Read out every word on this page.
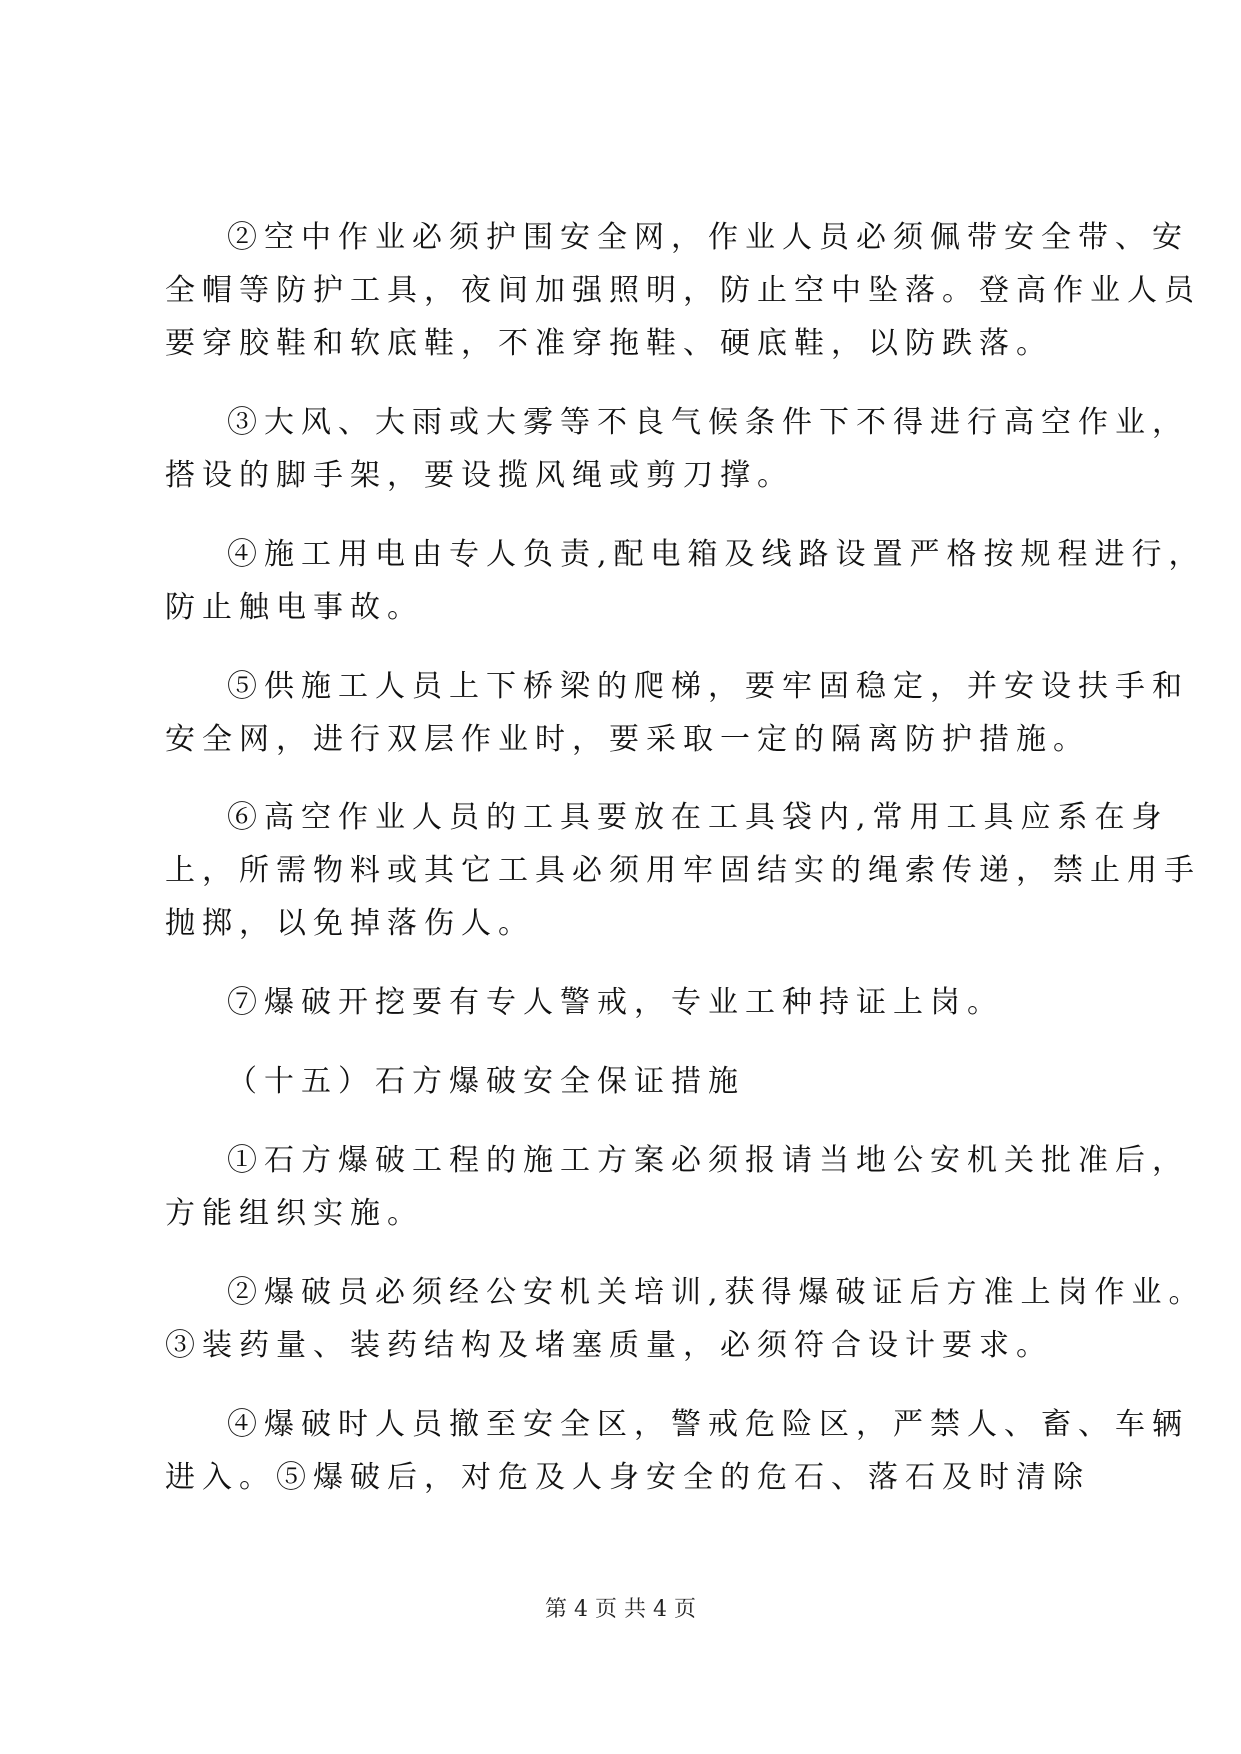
②空中作业必须护围安全网，作业人员必须佩带安全带、安
全帽等防护工具，夜间加强照明，防止空中坠落。登高作业人员
要穿胶鞋和软底鞋，不准穿拖鞋、硬底鞋，以防跌落。
③大风、大雨或大雾等不良气候条件下不得进行高空作业，
搭设的脚手架，要设揽风绳或剪刀撑。
④施工用电由专人负责,配电箱及线路设置严格按规程进行，
防止触电事故。
⑤供施工人员上下桥梁的爬梯，要牢固稳定，并安设扶手和
安全网，进行双层作业时，要采取一定的隔离防护措施。
⑥高空作业人员的工具要放在工具袋内,常用工具应系在身
上，所需物料或其它工具必须用牢固结实的绳索传递，禁止用手
抛掷，以免掉落伤人。
⑦爆破开挖要有专人警戒，专业工种持证上岗。
（十五）石方爆破安全保证措施
①石方爆破工程的施工方案必须报请当地公安机关批准后，
方能组织实施。
②爆破员必须经公安机关培训,获得爆破证后方准上岗作业。
③装药量、装药结构及堵塞质量，必须符合设计要求。
④爆破时人员撤至安全区，警戒危险区，严禁人、畜、车辆
进入。⑤爆破后，对危及人身安全的危石、落石及时清除
第 4 页 共 4 页
